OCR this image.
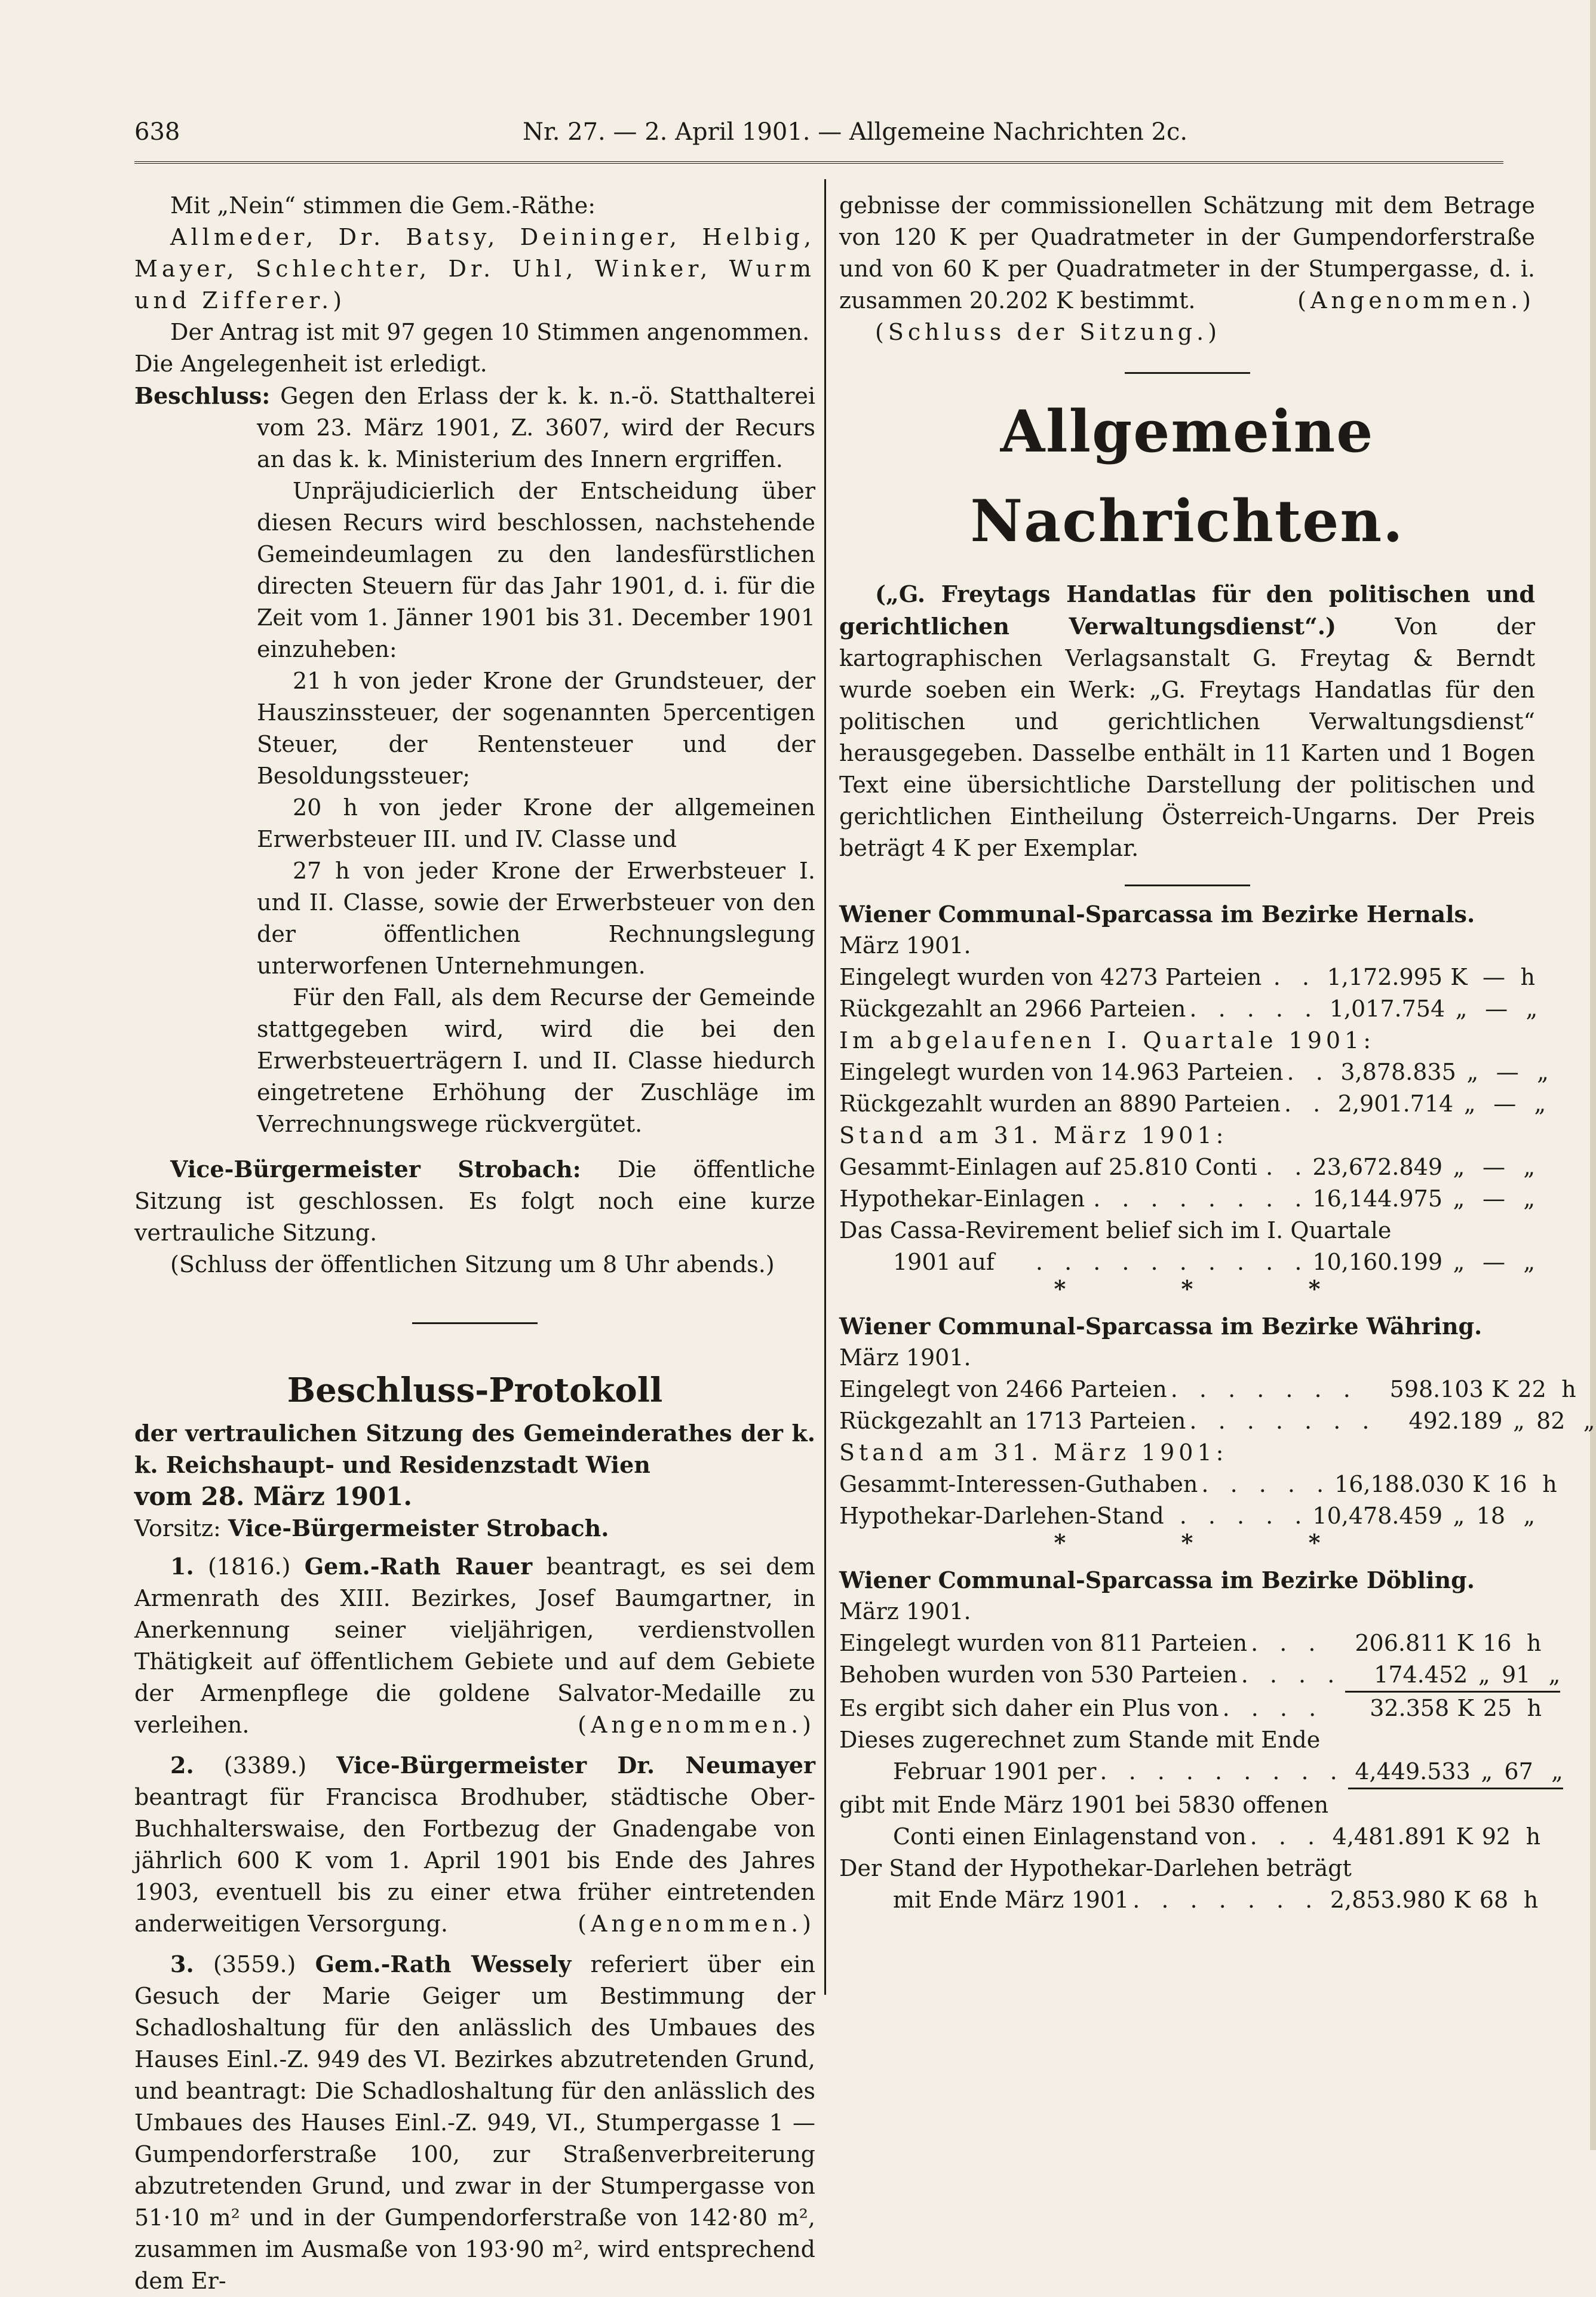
638	Nr. 27. — 2. April 1901. — Allgemeine Nachrichten 2c.

Mit „Nein“ stimmen die Gem.-Räthe:

Allmeder, Dr. Batsy, Deininger, Helbig, Mayer, Schlechter, Dr. Uhl, Winker, Wurm und Zifferer.)

Der Antrag ist mit 97 gegen 10 Stimmen angenommen.

Die Angelegenheit ist erledigt.

Beschluss: Gegen den Erlass der k. k. n.-ö. Statthalterei vom 23. März 1901, Z. 3607, wird der Recurs an das k. k. Ministerium des Innern ergriffen.

Unpräjudicierlich der Entscheidung über diesen Recurs wird beschlossen, nachstehende Gemeindeumlagen zu den landesfürstlichen directen Steuern für das Jahr 1901, d. i. für die Zeit vom 1. Jänner 1901 bis 31. December 1901 einzuheben:

21 h von jeder Krone der Grundsteuer, der Hauszinssteuer, der sogenannten 5percentigen Steuer, der Rentensteuer und der Besoldungssteuer;

20 h von jeder Krone der allgemeinen Erwerbsteuer III. und IV. Classe und

27 h von jeder Krone der Erwerbsteuer I. und II. Classe, sowie der Erwerbsteuer von den der öffentlichen Rechnungslegung unterworfenen Unternehmungen.

Für den Fall, als dem Recurse der Gemeinde stattgegeben wird, wird die bei den Erwerbsteuerträgern I. und II. Classe hiedurch eingetretene Erhöhung der Zuschläge im Verrechnungswege rückvergütet.

Vice-Bürgermeister Strobach: Die öffentliche Sitzung ist geschlossen. Es folgt noch eine kurze vertrauliche Sitzung.

(Schluss der öffentlichen Sitzung um 8 Uhr abends.)

Beschluss-Protokoll

der vertraulichen Sitzung des Gemeinderathes der k. k. Reichshaupt- und Residenzstadt Wien

vom 28. März 1901.

Vorsitz: Vice-Bürgermeister Strobach.

1. (1816.) Gem.-Rath Rauer beantragt, es sei dem Armenrath des XIII. Bezirkes, Josef Baumgartner, in Anerkennung seiner vieljährigen, verdienstvollen Thätigkeit auf öffentlichem Gebiete und auf dem Gebiete der Armenpflege die goldene Salvator-Medaille zu verleihen.	(Angenommen.)

2. (3389.) Vice-Bürgermeister Dr. Neumayer beantragt für Francisca Brodhuber, städtische Ober-Buchhalterswaise, den Fortbezug der Gnadengabe von jährlich 600 K vom 1. April 1901 bis Ende des Jahres 1903, eventuell bis zu einer etwa früher eintretenden anderweitigen Versorgung.	(Angenommen.)

3. (3559.) Gem.-Rath Wessely referiert über ein Gesuch der Marie Geiger um Bestimmung der Schadloshaltung für den anlässlich des Umbaues des Hauses Einl.-Z. 949 des VI. Bezirkes abzutretenden Grund, und beantragt: Die Schadloshaltung für den anlässlich des Umbaues des Hauses Einl.-Z. 949, VI., Stumpergasse 1 — Gumpendorferstraße 100, zur Straßenverbreiterung abzutretenden Grund, und zwar in der Stumpergasse von 51·10 m² und in der Gumpendorferstraße von 142·80 m², zusammen im Ausmaße von 193·90 m², wird entsprechend dem Er-

gebnisse der commissionellen Schätzung mit dem Betrage von 120 K per Quadratmeter in der Gumpendorferstraße und von 60 K per Quadratmeter in der Stumpergasse, d. i. zusammen 20.202 K bestimmt.	(Angenommen.)

(Schluss der Sitzung.)

Allgemeine Nachrichten.

(„G. Freytags Handatlas für den politischen und gerichtlichen Verwaltungsdienst“.)	Von der kartographischen Verlagsanstalt G. Freytag & Berndt wurde soeben ein Werk: „G. Freytags Handatlas für den politischen und gerichtlichen Verwaltungsdienst“ herausgegeben. Dasselbe enthält in 11 Karten und 1 Bogen Text eine übersichtliche Darstellung der politischen und gerichtlichen Eintheilung Österreich-Ungarns. Der Preis beträgt 4 K per Exemplar.

Wiener Communal-Sparcassa im Bezirke Hernals.

März 1901.

Eingelegt wurden von 4273 Parteien . . 1,172.995 K — h
Rückgezahlt an 2966 Parteien . . . . . 1,017.754 „ — „

Im abgelaufenen I. Quartale 1901:

Eingelegt wurden von 14.963 Parteien . . 3,878.835 „ — „
Rückgezahlt wurden an 8890 Parteien . . 2,901.714 „ — „

Stand am 31. März 1901:

Gesammt-Einlagen auf 25.810 Conti . . 23,672.849 „ — „
Hypothekar-Einlagen . . . . . . . . 16,144.975 „ — „

Das Cassa-Revirement belief sich im I. Quartale

1901 auf	. . . . . . . . . . 10,160.199 „ — „
* * *

Wiener Communal-Sparcassa im Bezirke Währing.

März 1901.

Eingelegt von 2466 Parteien . . . . . . .	598.103 K 22 h
Rückgezahlt an 1713 Parteien . . . . . . .	492.189 „ 82 „

Stand am 31. März 1901:

Gesammt-Interessen-Guthaben . . . . . 16,188.030 K 16 h
Hypothekar-Darlehen-Stand . . . . . 10,478.459 „ 18 „
* * *

Wiener Communal-Sparcassa im Bezirke Döbling.

März 1901.

Eingelegt wurden von 811 Parteien . . .	206.811 K 16 h
Behoben wurden von 530 Parteien . . . .	174.452 „ 91 „
Es ergibt sich daher ein Plus von . . . .	32.358 K 25 h

Dieses zugerechnet zum Stande mit Ende

Februar 1901 per . . . . . . . . . 4,449.533 „ 67 „

gibt mit Ende März 1901 bei 5830 offenen

Conti einen Einlagenstand von . . . 4,481.891 K 92 h

Der Stand der Hypothekar-Darlehen beträgt

mit Ende März 1901 . . . . . . . 2,853.980 K 68 h
